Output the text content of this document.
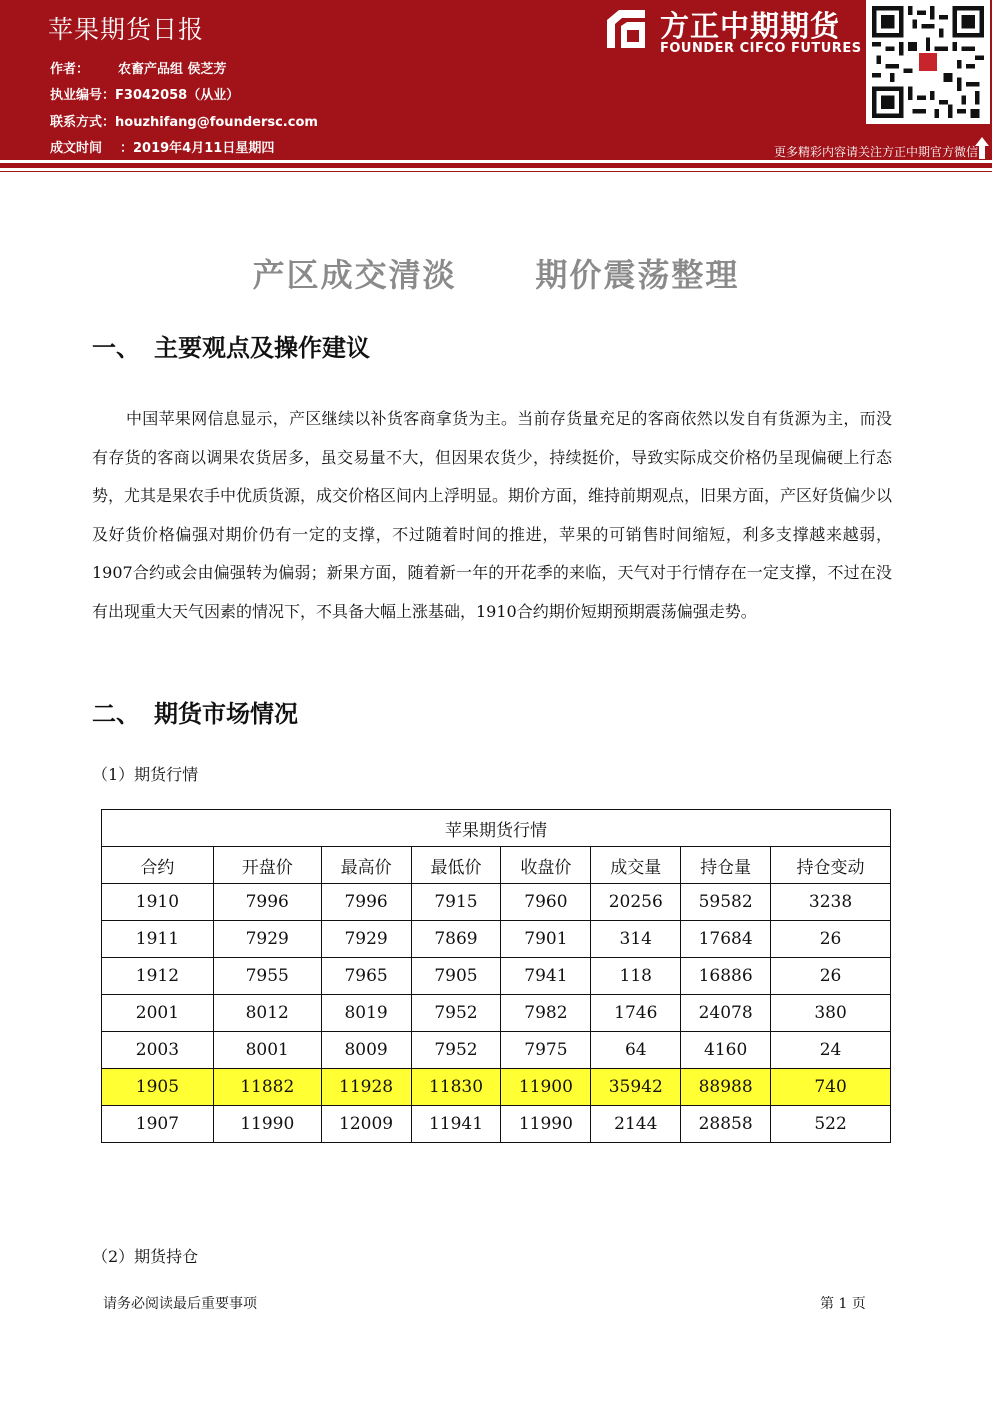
苹果期货日报
作者： 农畜产品组 侯芝芳
执业编号：F3042058（从业）
联系方式：houzhifang@foundersc.com
成文时间 ：2019年4月11日星期四
方正中期期货
FOUNDER CIFCO FUTURES
更多精彩内容请关注方正中期官方微信
产区成交清淡      期价震荡整理
一、 主要观点及操作建议

中国苹果网信息显示，产区继续以补货客商拿货为主。当前存货量充足的客商依然以发自有货源为主，而没有存货的客商以调果农货居多，虽交易量不大，但因果农货少，持续挺价，导致实际成交价格仍呈现偏硬上行态势，尤其是果农手中优质货源，成交价格区间内上浮明显。期价方面，维持前期观点，旧果方面，产区好货偏少以及好货价格偏强对期价仍有一定的支撑，不过随着时间的推进，苹果的可销售时间缩短，利多支撑越来越弱，1907合约或会由偏强转为偏弱；新果方面，随着新一年的开花季的来临，天气对于行情存在一定支撑，不过在没有出现重大天气因素的情况下，不具备大幅上涨基础，1910合约期价短期预期震荡偏强走势。

二、 期货市场情况
（1）期货行情
苹果期货行情							
合约	开盘价	最高价	最低价	收盘价	成交量	持仓量	持仓变动
1910	7996	7996	7915	7960	20256	59582	3238
1911	7929	7929	7869	7901	314	17684	26
1912	7955	7965	7905	7941	118	16886	26
2001	8012	8019	7952	7982	1746	24078	380
2003	8001	8009	7952	7975	64	4160	24
1905	11882	11928	11830	11900	35942	88988	740
1907	11990	12009	11941	11990	2144	28858	522
（2）期货持仓
请务必阅读最后重要事项	第 1 页
